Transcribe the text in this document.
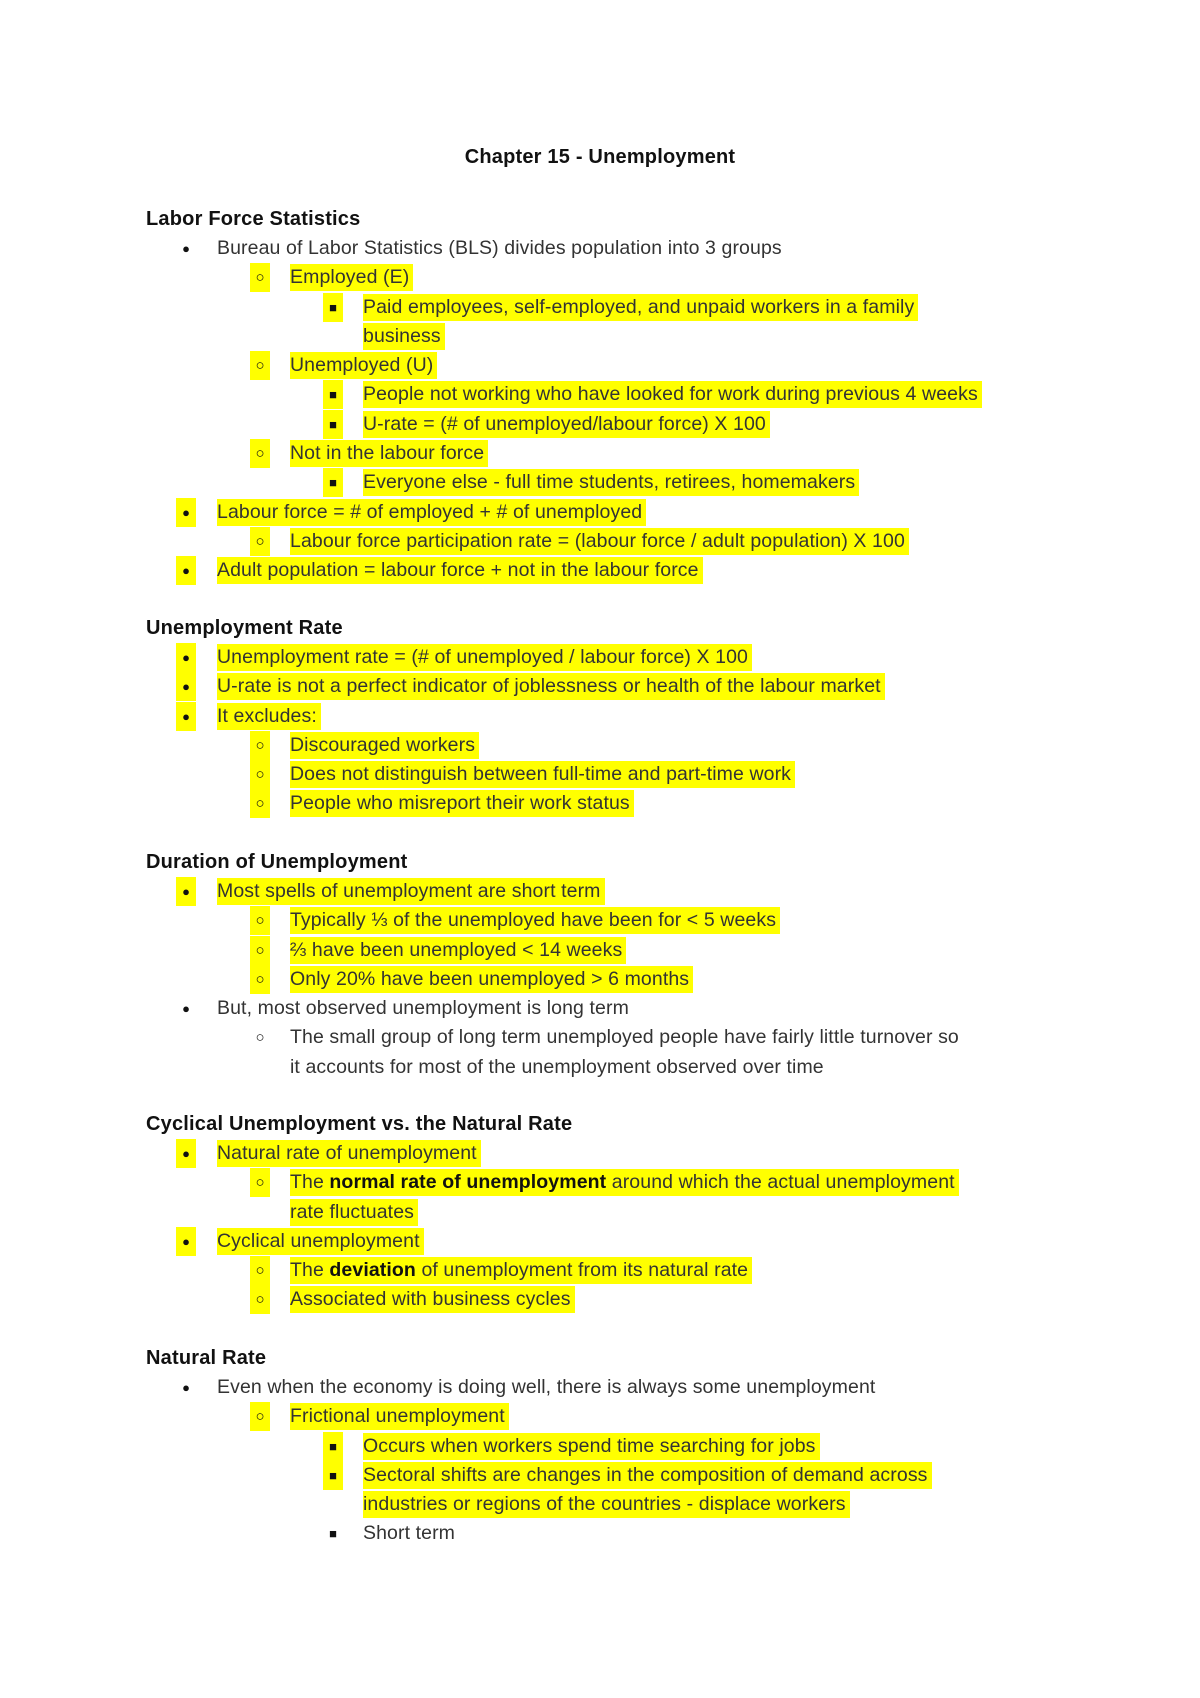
Chapter 15 - Unemployment
Labor Force Statistics
●	Bureau of Labor Statistics (BLS) divides population into 3 groups
○ Employed (E)
■	Paid employees, self-employed, and unpaid workers in a family
business
○ Unemployed (U)
■	People not working who have looked for work during previous 4 weeks
■	U-rate = (# of unemployed/labour force) X 100
○ Not in the labour force
■	Everyone else - full time students, retirees, homemakers
●	Labour force = # of employed + # of unemployed
○ Labour force participation rate = (labour force / adult population) X 100
●	Adult population = labour force + not in the labour force
Unemployment Rate
●	Unemployment rate = (# of unemployed / labour force) X 100
●	U-rate is not a perfect indicator of joblessness or health of the labour market
●	It excludes:
○ Discouraged workers
○ Does not distinguish between full-time and part-time work
○ People who misreport their work status
Duration of Unemployment
●	Most spells of unemployment are short term
○ Typically ⅓ of the unemployed have been for < 5 weeks
○ ⅔ have been unemployed < 14 weeks
○ Only 20% have been unemployed > 6 months
●	But, most observed unemployment is long term
○ The small group of long term unemployed people have fairly little turnover so
it accounts for most of the unemployment observed over time
Cyclical Unemployment vs. the Natural Rate
●	Natural rate of unemployment
○ The normal rate of unemployment around which the actual unemployment
rate fluctuates
●	Cyclical unemployment
○ The deviation of unemployment from its natural rate
○ Associated with business cycles
Natural Rate
●	Even when the economy is doing well, there is always some unemployment
○ Frictional unemployment
■	Occurs when workers spend time searching for jobs
■	Sectoral shifts are changes in the composition of demand across
industries or regions of the countries - displace workers
■	Short term
